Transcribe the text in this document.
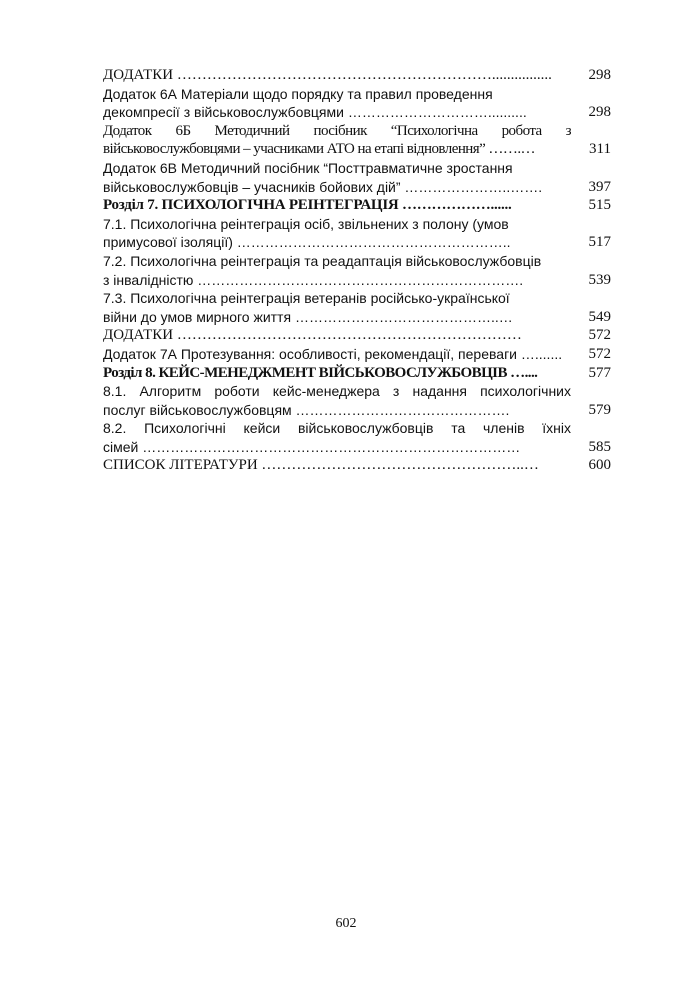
ДОДАТКИ ………………………………………………………................	298
Додаток 6А Матеріали щодо порядку та правил проведення
декомпресії з військовослужбовцями …………………………..........	298
Додаток 6Б Методичний посібник “Психологічна робота з
військовослужбовцями – учасниками АТО на етапі відновлення” …….…	311
Додаток 6В Методичний посібник “Посттравматичне зростання
військовослужбовців – учасників бойових дій” …………………..…….	397
Розділ 7. ПСИХОЛОГІЧНА РЕІНТЕГРАЦІЯ ………………......	515
7.1. Психологічна реінтеграція осіб, звільнених з полону (умов
примусової ізоляції) …………………………………………………..	517
7.2. Психологічна реінтеграція та реадаптація військовослужбовців
з інвалідністю …………………………………………………………….	539
7.3. Психологічна реінтеграція ветеранів російсько-української
війни до умов мирного життя ……………………………………..…	549
ДОДАТКИ ……………………………………………………………	572
Додаток 7А Протезування: особливості, рекомендації, переваги ….......	572
Розділ 8. КЕЙС-МЕНЕДЖМЕНТ ВІЙСЬКОВОСЛУЖБОВЦІВ …....	577
8.1. Алгоритм роботи кейс-менеджера з надання психологічних
послуг військовослужбовцям ……………………………………….	579
8.2. Психологічні кейси військовослужбовців та членів їхніх
сімей ………………………………………………………………………	585
СПИСОК ЛІТЕРАТУРИ ……………………………………………..…	600
602
